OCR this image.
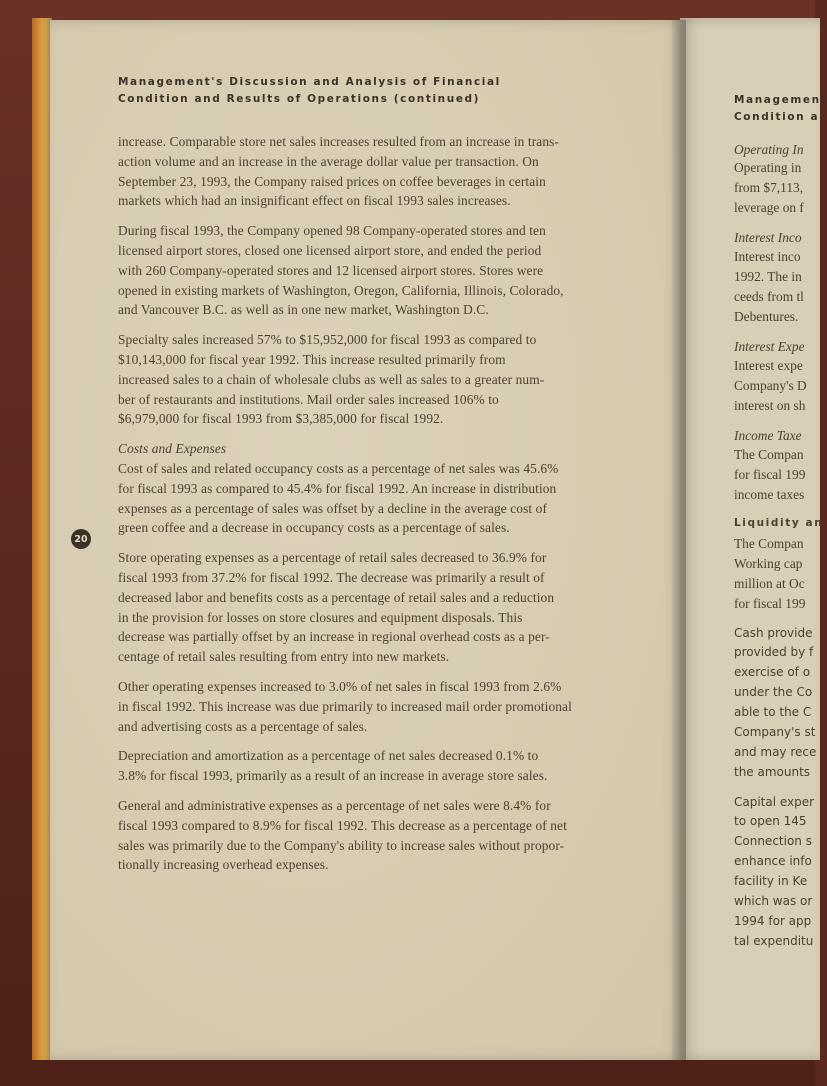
Management's Discussion and Analysis of Financial
Condition and Results of Operations (continued)
20
increase. Comparable store net sales increases resulted from an increase in trans-
action volume and an increase in the average dollar value per transaction. On
September 23, 1993, the Company raised prices on coffee beverages in certain
markets which had an insignificant effect on fiscal 1993 sales increases.
During fiscal 1993, the Company opened 98 Company-operated stores and ten
licensed airport stores, closed one licensed airport store, and ended the period
with 260 Company-operated stores and 12 licensed airport stores. Stores were
opened in existing markets of Washington, Oregon, California, Illinois, Colorado,
and Vancouver B.C. as well as in one new market, Washington D.C.
Specialty sales increased 57% to $15,952,000 for fiscal 1993 as compared to
$10,143,000 for fiscal year 1992. This increase resulted primarily from
increased sales to a chain of wholesale clubs as well as sales to a greater num-
ber of restaurants and institutions. Mail order sales increased 106% to
$6,979,000 for fiscal 1993 from $3,385,000 for fiscal 1992.
Costs and Expenses
Cost of sales and related occupancy costs as a percentage of net sales was 45.6%
for fiscal 1993 as compared to 45.4% for fiscal 1992. An increase in distribution
expenses as a percentage of sales was offset by a decline in the average cost of
green coffee and a decrease in occupancy costs as a percentage of sales.
Store operating expenses as a percentage of retail sales decreased to 36.9% for
fiscal 1993 from 37.2% for fiscal 1992. The decrease was primarily a result of
decreased labor and benefits costs as a percentage of retail sales and a reduction
in the provision for losses on store closures and equipment disposals. This
decrease was partially offset by an increase in regional overhead costs as a per-
centage of retail sales resulting from entry into new markets.
Other operating expenses increased to 3.0% of net sales in fiscal 1993 from 2.6%
in fiscal 1992. This increase was due primarily to increased mail order promotional
and advertising costs as a percentage of sales.
Depreciation and amortization as a percentage of net sales decreased 0.1% to
3.8% for fiscal 1993, primarily as a result of an increase in average store sales.
General and administrative expenses as a percentage of net sales were 8.4% for
fiscal 1993 compared to 8.9% for fiscal 1992. This decrease as a percentage of net
sales was primarily due to the Company's ability to increase sales without propor-
tionally increasing overhead expenses.
Management
Condition ar
Operating In
Operating in
from $7,113,
leverage on f
Interest Inco
Interest inco
1992. The in
ceeds from tl
Debentures.
Interest Expe
Interest expe
Company's D
interest on sh
Income Taxe
The Compan
for fiscal 199
income taxes
Liquidity an
The Compan
Working cap
million at Oc
for fiscal 199
Cash provide
provided by f
exercise of o
under the Co
able to the C
Company's st
and may rece
the amounts
Capital exper
to open 145
Connection s
enhance info
facility in Ke
which was or
1994 for app
tal expenditu
